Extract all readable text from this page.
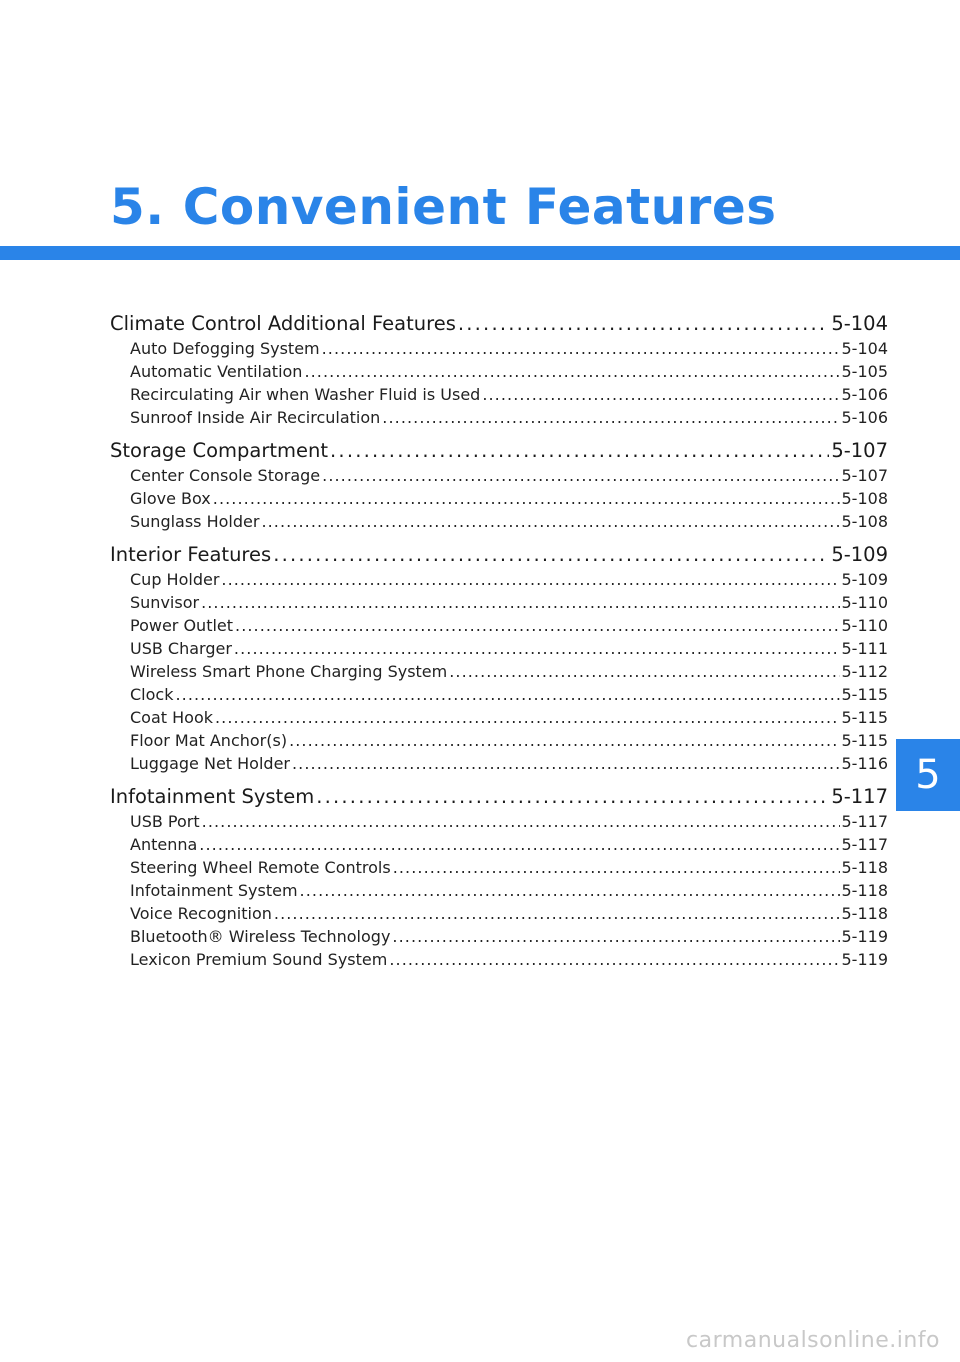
5. Convenient Features
Climate Control Additional Features . . .	5-104
Auto Defogging System . . .	5-104
Automatic Ventilation . . .	5-105
Recirculating Air when Washer Fluid is Used . . .	5-106
Sunroof Inside Air Recirculation . . .	5-106
Storage Compartment . . .	5-107
Center Console Storage . . .	5-107
Glove Box . . .	5-108
Sunglass Holder . . .	5-108
Interior Features . . .	5-109
Cup Holder . . .	5-109
Sunvisor . . .	5-110
Power Outlet . . .	5-110
USB Charger . . .	5-111
Wireless Smart Phone Charging System . . .	5-112
Clock . . .	5-115
Coat Hook . . .	5-115
Floor Mat Anchor(s) . . .	5-115
Luggage Net Holder . . .	5-116
Infotainment System . . .	5-117
USB Port . . .	5-117
Antenna . . .	5-117
Steering Wheel Remote Controls . . .	5-118
Infotainment System . . .	5-118
Voice Recognition . . .	5-118
Bluetooth® Wireless Technology . . .	5-119
Lexicon Premium Sound System . . .	5-119
5
carmanualsonline.info
